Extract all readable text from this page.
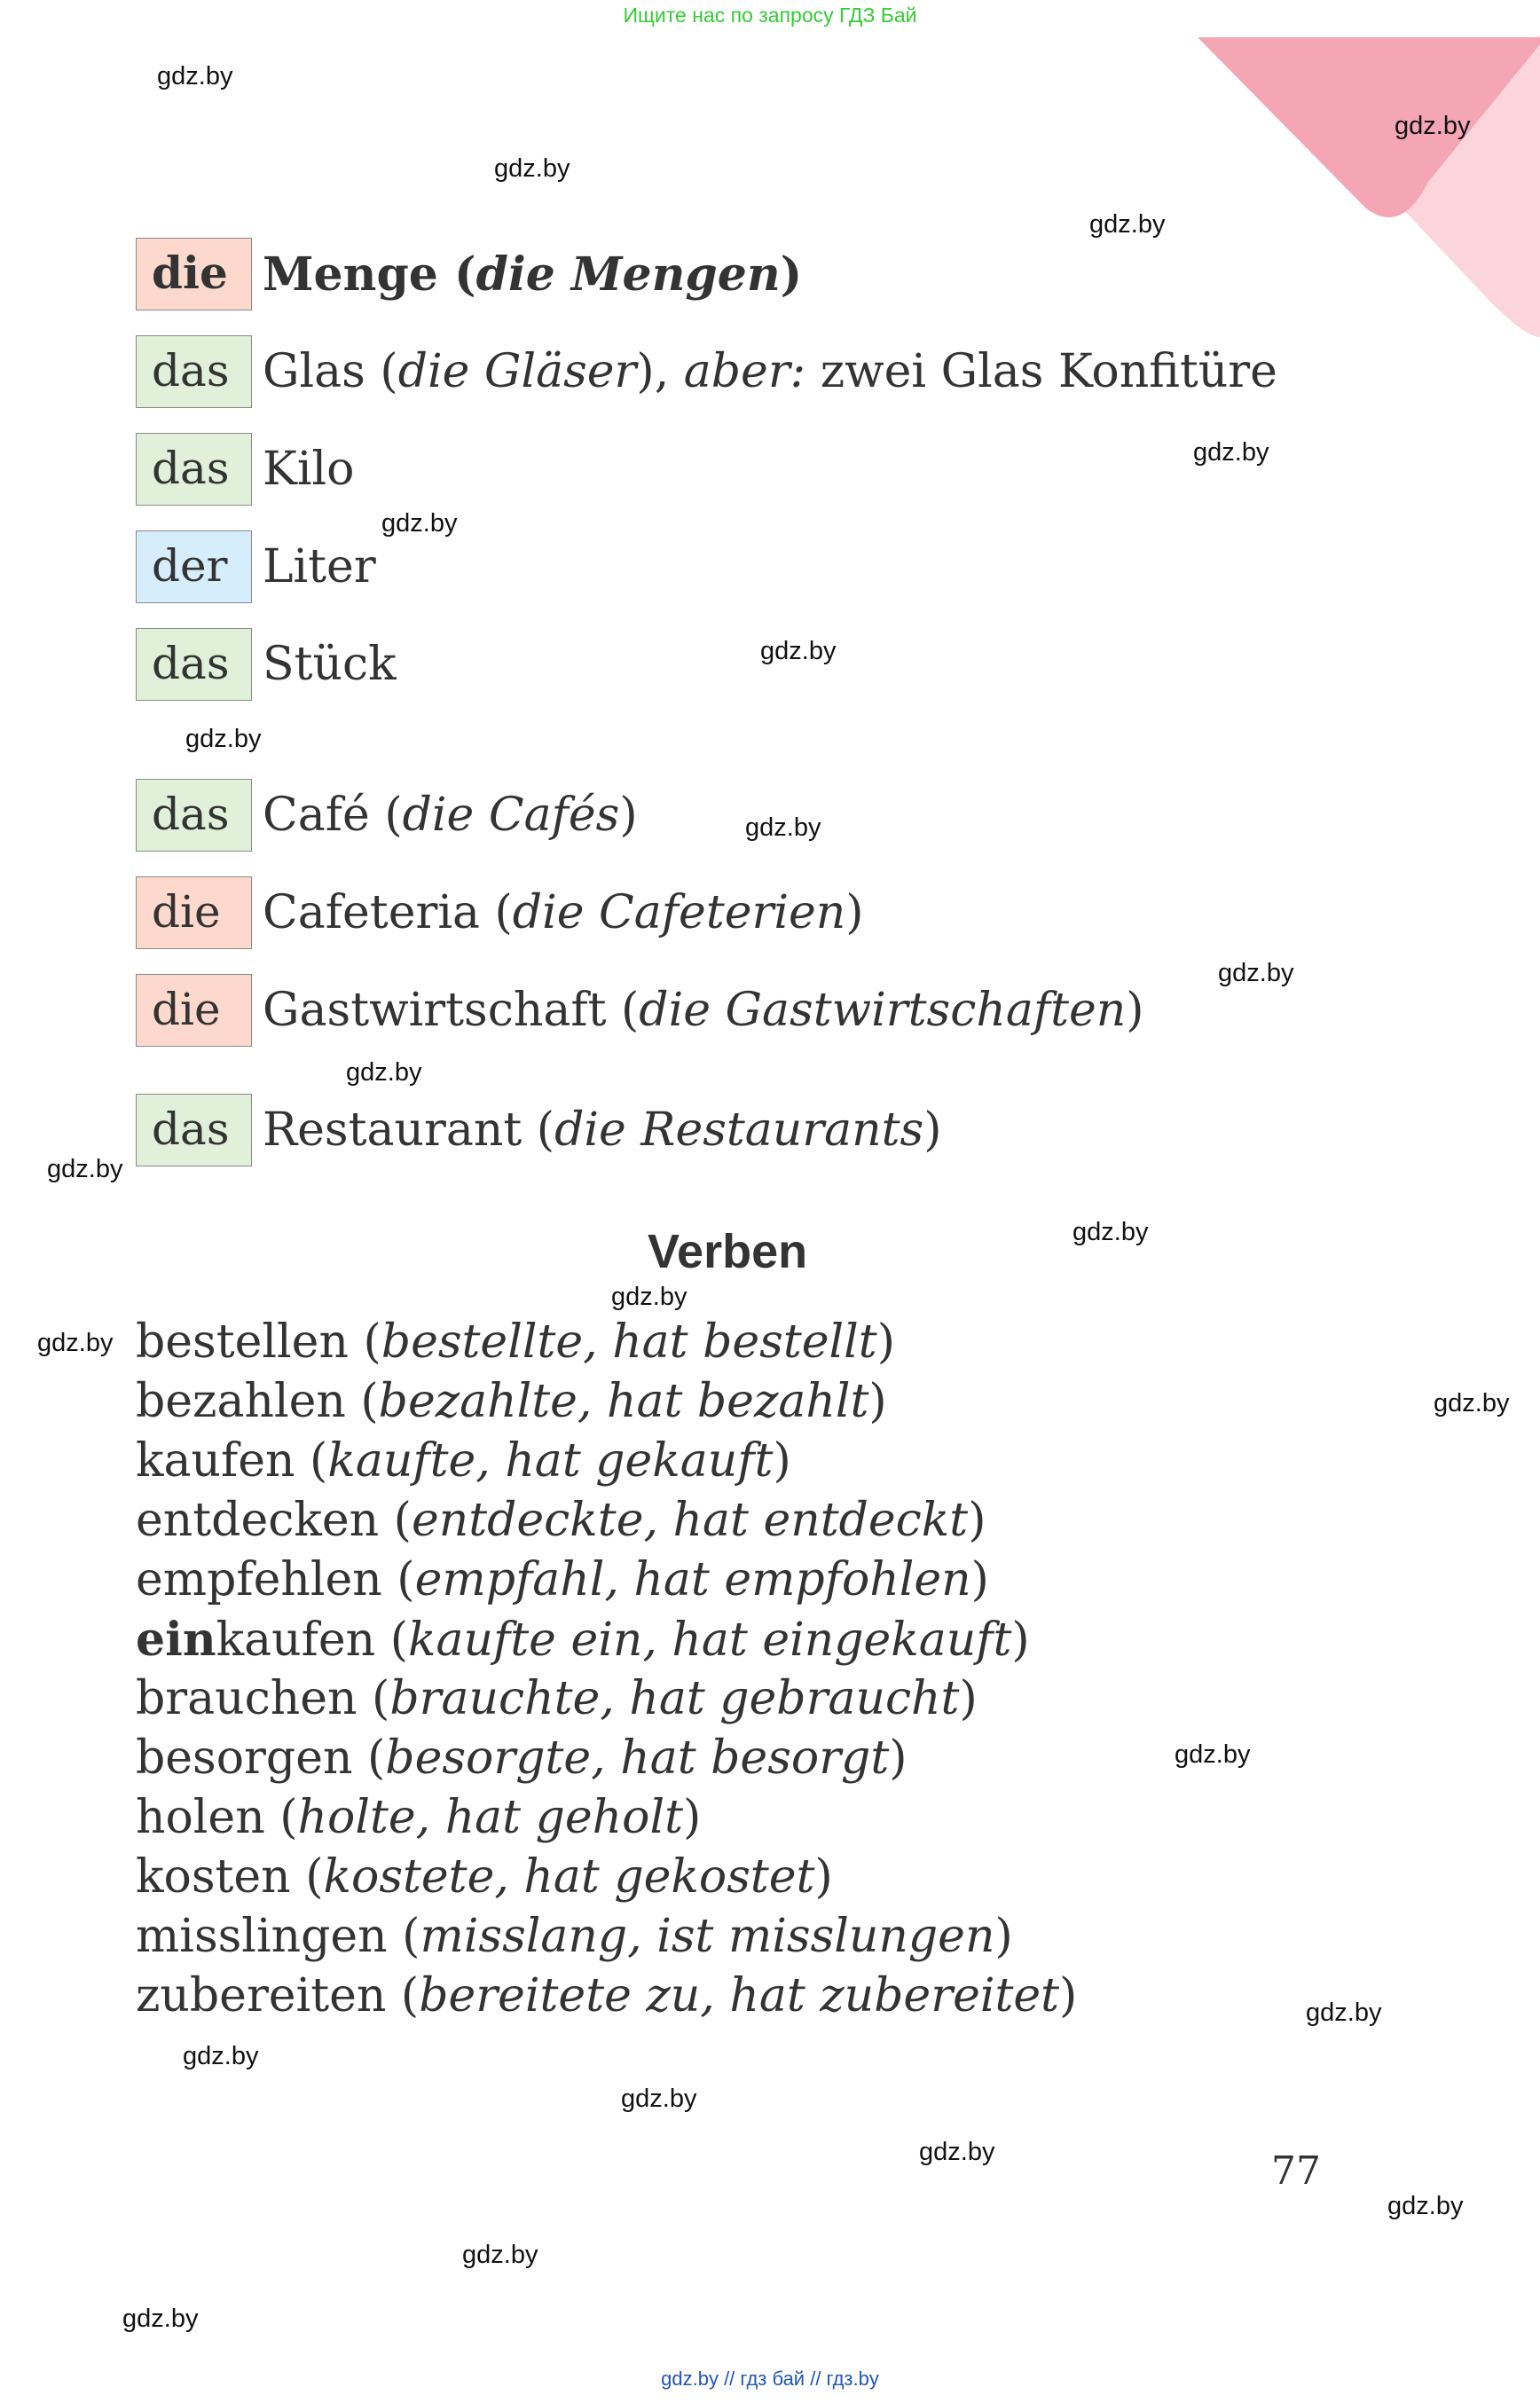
Ищите нас по запросу ГДЗ Бай
gdz.by
gdz.by
gdz.by
gdz.by
gdz.by
gdz.by
gdz.by
gdz.by
gdz.by
gdz.by
gdz.by
gdz.by
gdz.by
gdz.by
gdz.by
gdz.by
gdz.by
gdz.by
gdz.by
gdz.by
gdz.by
gdz.by
gdz.by
gdz.by
die Menge (die Mengen)
das Glas (die Gläser), aber: zwei Glas Konfitüre
das Kilo
der Liter
das Stück
das Café (die Cafés)
die Cafeteria (die Cafeterien)
die Gastwirtschaft (die Gastwirtschaften)
das Restaurant (die Restaurants)
Verben
bestellen (bestellte, hat bestellt)
bezahlen (bezahlte, hat bezahlt)
kaufen (kaufte, hat gekauft)
entdecken (entdeckte, hat entdeckt)
empfehlen (empfahl, hat empfohlen)
einkaufen (kaufte ein, hat eingekauft)
brauchen (brauchte, hat gebraucht)
besorgen (besorgte, hat besorgt)
holen (holte, hat geholt)
kosten (kostete, hat gekostet)
misslingen (misslang, ist misslungen)
zubereiten (bereitete zu, hat zubereitet)
77
gdz.by // гдз бай // гдз.by
